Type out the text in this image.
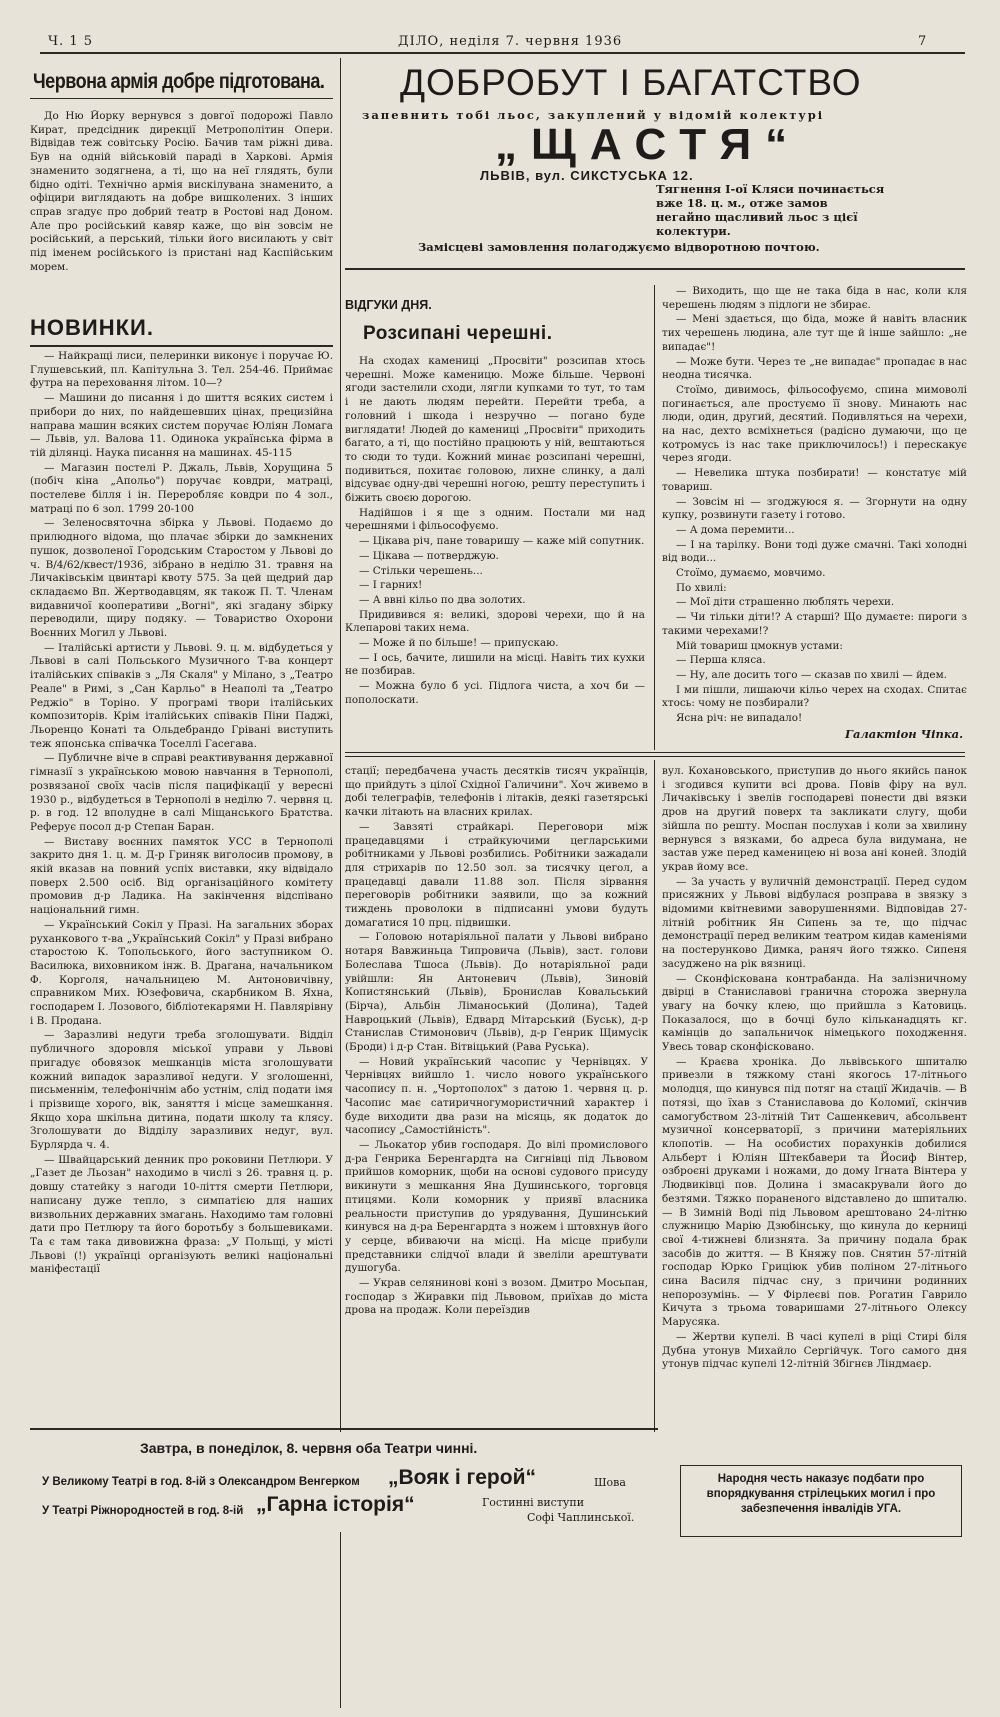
Ч. 1 5	ДІЛО, неділя 7. червня 1936	7
Червона армія добре підготована.

До Ню Йорку вернувся з довгої подорожі Павло Кират, предсідник дирекції Метрополітин Опери. Відвідав теж совітську Росію. Бачив там ріжні дива. Був на одній військовій параді в Харкові. Армія знаменито зодягнена, а ті, що на неї глядять, були бідно одіті. Технічно армія вискілувана знаменито, а офіцири виглядають на добре вишколених. З інших справ згадує про добрий театр в Ростові над Доном. Але про російський кавяр каже, що він зовсім не російський, а перський, тільки його висилають у світ під іменем російського із пристані над Каспійським морем.

НОВИНКИ.

— Найкращі лиси, пелеринки виконує і поручає Ю. Глушевський, пл. Капітульна 3. Тел. 254-46. Приймає футра на переховання літом. 10—?

— Машини до писання і до шиття всяких систем і прибори до них, по найдешевших цінах, прецизійна направа машин всяких систем поручає Юліян Ломага — Львів, ул. Валова 11. Одинока українська фірма в тій ділянці. Наука писання на машинах. 45-115

— Магазин постелі Р. Джаль, Львів, Хорущина 5 (побіч кіна „Апольо") поручає ковдри, матраці, постелеве білля і ін. Переробляє ковдри по 4 зол., матраці по 6 зол. 1799 20-100

— Зеленосвяточна збірка у Львові. Подаємо до прилюдного відома, що плачає збірки до замкнених пушок, дозволеної Городським Старостом у Львові до ч. В/4/62/квест/1936, зібрано в неділю 31. травня на Личаківськім цвинтарі квоту 575. За цей щедрий дар складаємо Вп. Жертводавцям, як також П. Т. Членам видавничої кооперативи „Вогні", які згадану збірку переводили, щиру подяку. — Товариство Охорони Воєнних Могил у Львові.

— Італійські артисти у Львові. 9. ц. м. відбудеться у Львові в салі Польського Музичного Т-ва концерт італійських співаків з „Ля Скаля" у Мілано, з „Театро Реале" в Римі, з „Сан Карльо" в Неаполі та „Театро Реджіо" в Торіно. У програмі твори італійських композиторів. Крім італійських співаків Піни Паджі, Льоренцо Конаті та Ольдебрандо Грівані виступить теж японська співачка Тоселлі Гасегава.

— Публичне віче в справі реактивування державної гімназії з українською мовою навчання в Тернополі, розвязаної своїх часів після пацифікації у вересні 1930 р., відбудеться в Тернополі в неділю 7. червня ц. р. в год. 12 вполудне в салі Міщанського Братства. Реферує посол д-р Степан Баран.

— Виставу воєнних памяток УСС в Тернополі закрито дня 1. ц. м. Д-р Гриняк виголосив промову, в якій вказав на повний успіх виставки, яку відвідало поверх 2.500 осіб. Від організаційного комітету промовив д-р Ладика. На закінчення відспівано національний гимн.

— Український Сокіл у Празі. На загальних зборах руханкового т-ва „Український Сокіл" у Празі вибрано старостою К. Топольського, його заступником О. Василюка, виховником інж. В. Драгана, начальником Ф. Корголя, начальницею М. Антоновичівну, справником Мих. Юзефовича, скарбником В. Яхна, господарем І. Лозового, бібліотекарями Н. Павлярівну і В. Продана.

— Заразливі недуги треба зголошувати. Відділ публичного здоровля міської управи у Львові пригадує обовязок мешканців міста зголошувати кожний випадок заразливої недуги. У зголошенні, письменнім, телефонічнім або устнім, слід подати імя і прізвище хорого, вік, заняття і місце замешкання. Якщо хора шкільна дитина, подати школу та клясу. Зголошувати до Відділу заразливих недуг, вул. Бурлярда ч. 4.

— Швайцарський денник про роковини Петлюри. У „Газет де Льозан" находимо в числі з 26. травня ц. р. довшу статейку з нагоди 10-ліття смерти Петлюри, написану дуже тепло, з симпатією для наших визвольних державних змагань. Находимо там головні дати про Петлюру та його боротьбу з большевиками. Та є там така дивовижна фраза: „У Польщі, у місті Львові (!) українці організують великі національні маніфестації

ДОБРОБУТ І БАГАТСТВО
запевнить тобі льос, закуплений у відомій колектурі
„ЩАСТЯ“
ЛЬВІВ, вул. СИКСТУСЬКА 12.
Тягнення І-ої Кляси починається вже 18. ц. м., отже замов негайно щасливий льос з цієї колектури.
Замісцеві замовлення полагоджуємо відворотною почтою.
ВІДГУКИ ДНЯ.
Розсипані черешні.

На сходах камениці „Просвіти" розсипав хтось черешні. Може каменицю. Може більше. Червоні ягоди застелили сходи, лягли купками то тут, то там і не дають людям перейти. Перейти треба, а головний і шкода і незручно — погано буде виглядати! Людей до камениці „Просвіти" приходить багато, а ті, що постійно працюють у ній, вештаються то сюди то туди. Кожний минає розсипані черешні, подивиться, похитає головою, лихне слинку, а далі відсуває одну-дві черешні ногою, решту переступить і біжить своєю дорогою.

Надійшов і я ще з одним. Постали ми над черешнями і фільософуємо.

— Цікава річ, пане товаришу — каже мій сопутник.

— Цікава — потверджую.

— Стільки черешень...

— І гарних!

— А ввні кільо по два золотих.

Придивився я: великі, здорові черехи, що й на Клепарові таких нема.

— Може й по більше! — припускаю.

— І ось, бачите, лишили на місці. Навіть тих кухки не позбирав.

— Можна було б усі. Підлога чиста, а хоч би — пополоскати.

— Виходить, що ще не така біда в нас, коли кля черешень людям з підлоги не збирає.

— Мені здається, що біда, може й навіть власник тих черешень людина, але тут ще й інше зайшло: „не випадає"!

— Може бути. Через те „не випадає" пропадає в нас неодна тисячка.

Стоїмо, дивимось, фільософуємо, спина мимоволі погинається, але простуємо її знову. Минають нас люди, один, другий, десятий. Подивляться на черехи, на нас, дехто всміхнеться (радісно думаючи, що це котромусь із нас таке приключилось!) і перескакує через ягоди.

— Невелика штука позбирати! — констатує мій товариш.

— Зовсім ні — згоджуюся я. — Згорнути на одну купку, розвинути газету і готово.

— А дома перемити...

— І на тарілку. Вони тоді дуже смачні. Такі холодні від води...

Стоїмо, думаємо, мовчимо.

По хвилі:

— Мої діти страшенно люблять черехи.

— Чи тільки діти!? А старші? Що думаєте: пироги з такими черехами!?

Мій товариш цмокнув устами:

— Перша кляса.

— Ну, але досить того — сказав по хвилі — йдем.

І ми пішли, лишаючи кільо черех на сходах. Спитає хтось: чому не позбирали?

Ясна річ: не випадало!

Галактіон Чіпка.

стації; передбачена участь десятків тисяч українців, що прийдуть з цілої Східної Галичини". Хоч живемо в добі телеграфів, телефонів і літаків, деякі газетярські качки літають на власних крилах.

— Завзяті страйкарі. Переговори між працедавцями і страйкуючими цегларськими робітниками у Львові розбились. Робітники зажадали для стрихарів по 12.50 зол. за тисячку цегол, а працедавці давали 11.88 зол. Після зірвання переговорів робітники заявили, що за кожний тиждень проволоки в підписанні умови будуть домагатися 10 прц. підвишки.

— Головою нотаріяльної палати у Львові вибрано нотаря Вавжиньца Типровича (Львів), заст. голови Болеслава Тшоса (Львів). До нотаріяльної ради увійшли: Ян Антоневич (Львів), Зиновій Копистянський (Львів), Бронислав Ковальський (Бірча), Альбін Ліманоський (Долина), Тадей Навроцький (Львів), Едвард Мітарський (Буськ), д-р Станислав Стимонович (Львів), д-р Генрик Щимусік (Броди) і д-р Стан. Вітвіцький (Рава Руська).

— Новий український часопис у Чернівцях. У Чернівцях вийшло 1. число нового українського часопису п. н. „Чортополох" з датою 1. червня ц. р. Часопис має сатиричногумористичний характер і буде виходити два рази на місяць, як додаток до часопису „Самостійність".

— Льокатор убив господаря. До вілі промислового д-ра Генрика Беренгардта на Сигнівці під Львовом прийшов коморник, щоби на основі судового присуду викинути з мешкання Яна Душинського, торговця птицями. Коли коморник у приявї власника реальности приступив до урядування, Душинський кинувся на д-ра Беренгардта з ножем і штовхнув його у серце, вбиваючи на місці. На місце прибули представники слідчої влади й звеліли арештувати душогуба.

— Украв селянинові коні з возом. Дмитро Мосьпан, господар з Жиравки під Львовом, приїхав до міста дрова на продаж. Коли переїздив

вул. Кохановського, приступив до нього якийсь панок і згодився купити всі дрова. Повів фіру на вул. Личаківську і звелів господареві понести дві вязки дров на другий поверх та закликати слугу, щоби зійшла по решту. Моспан послухав і коли за хвилину вернувся з вязками, бо адреса була видумана, не застав уже перед каменицею ні воза ані коней. Злодій украв йому все.

— За участь у вуличній демонстрації. Перед судом присяжних у Львові відбулася розправа в звязку з відомими квітневими заворушеннями. Відповідав 27-літній робітник Ян Сипень за те, що підчас демонстрації перед великим театром кидав каменіями на постерунково Димка, раняч його тяжко. Сипеня засуджено на рік вязниці.

— Сконфіскована контрабанда. На залізничному двірці в Станиславові гранична сторожа звернула увагу на бочку клею, що прийшла з Катовиць. Показалося, що в бочці було кільканадцять кг. камінців до запальничок німецького походження. Увесь товар сконфісковано.

— Краєва хроніка. До львівського шпиталю привезли в тяжкому стані якогось 17-літнього молодця, що кинувся під потяг на стації Жидачів. — В потязі, що їхав з Станиславова до Коломиї, скінчив самогубством 23-літній Тит Сашенкевич, абсольвент музичної консерваторії, з причини матеріяльних клопотів. — На особистих порахунків добилися Альберт і Юліян Штекбавери та Йосиф Вінтер, озброєні друками і ножами, до дому Ігната Вінтера у Людвиківці пов. Долина і змасакрували його до безтями. Тяжко пораненого відставлено до шпиталю. — В Зимній Воді під Львовом арештовано 24-літню служницю Марію Дзюбінську, що кинула до керниці свої 4-тижневі близнята. За причину подала брак засобів до життя. — В Княжу пов. Снятин 57-літній господар Юрко Гриціюк убив поліном 27-літнього сина Василя підчас сну, з причини родинних непорозумінь. — У Фірлеєві пов. Рогатин Гаврило Кичута з трьома товаришами 27-літнього Олексу Марусяка.

— Жертви купелі. В часі купелі в ріці Стирі біля Дубна утонув Михайло Сергійчук. Того самого дня утонув підчас купелі 12-літній Збігнєв Ліндмаєр.

Завтра, в понеділок, 8. червня оба Театри чинні.
У Великому Театрі в год. 8-ій з Олександром Венгерком „Вояк і герой“	Шова
У Театрі Ріжнородностей в год. 8-ій „Гарна історія“	Гостинні виступи
Софі Чаплинської.
Народня честь наказує подбати про впорядкування стрілецьких могил і про забезпечення інвалідів УГА.
